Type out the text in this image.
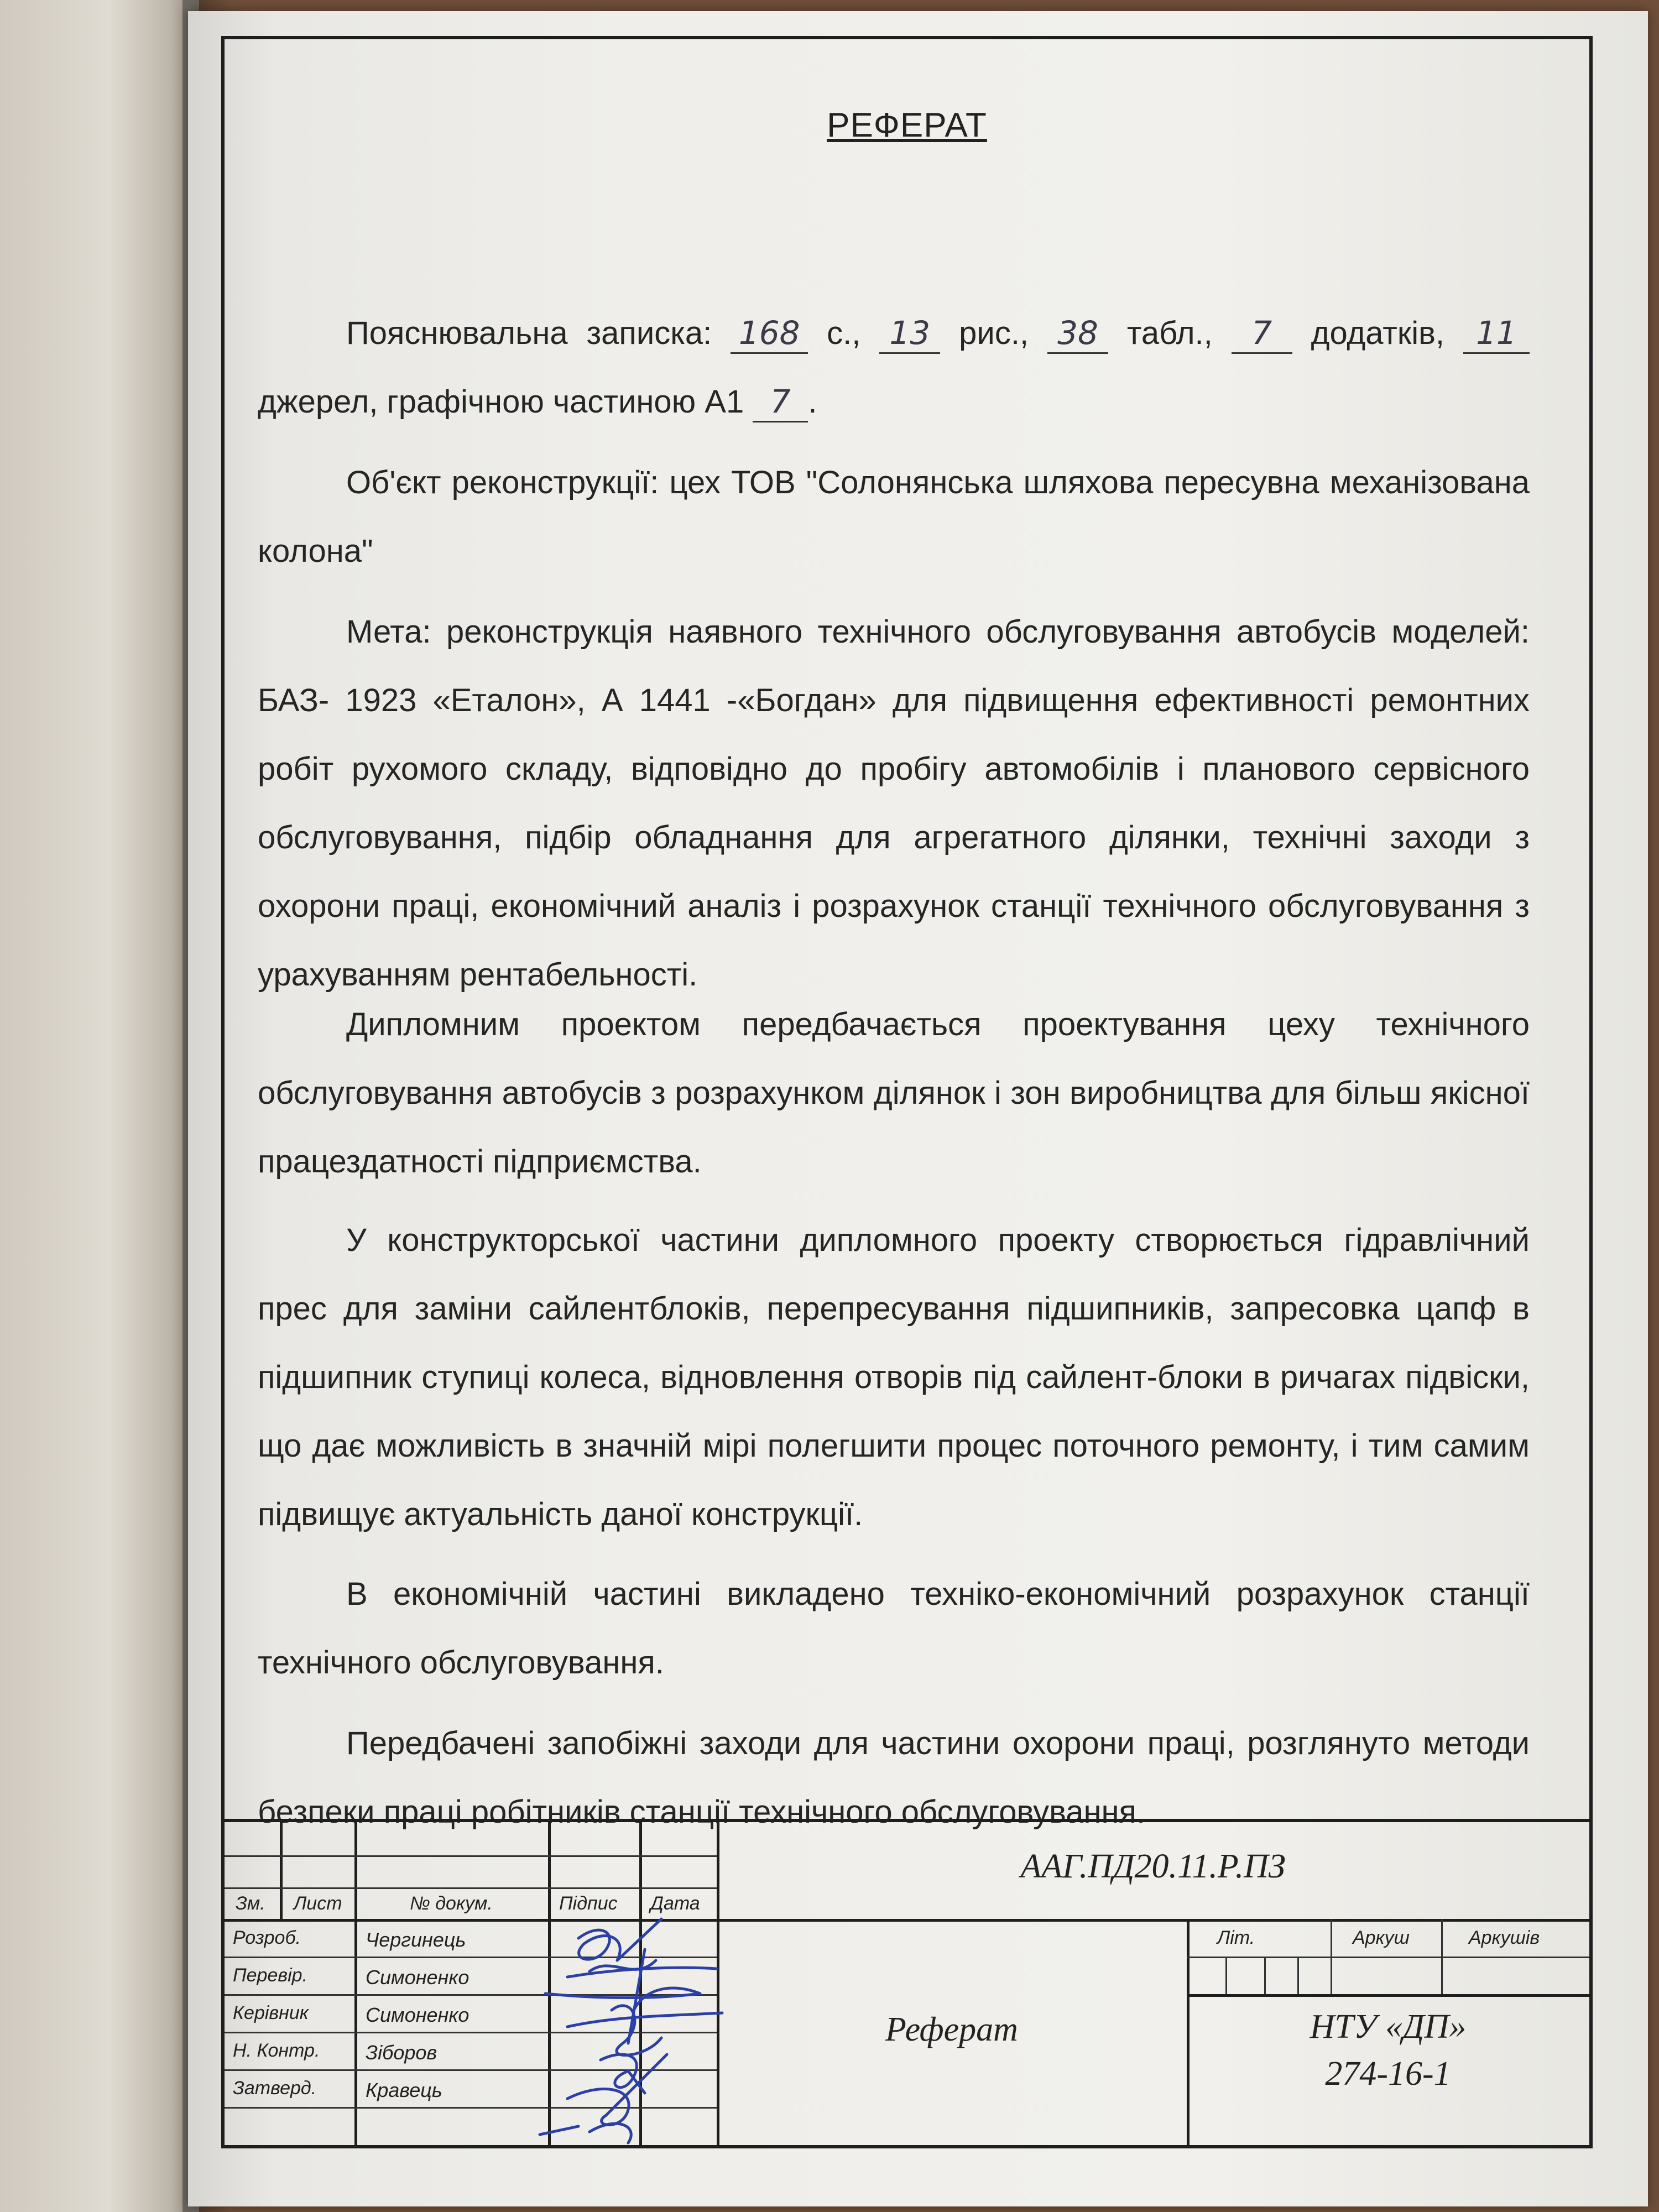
РЕФЕРАТ
Пояснювальна записка: 168 с., 13 рис., 38 табл., 7 додатків, 11 джерел, графічною частиною А1 7 .
Об'єкт реконструкції: цех ТОВ "Солонянська шляхова пересувна механізована колона"
Мета: реконструкція наявного технічного обслуговування автобусів моделей: БАЗ- 1923 «Еталон», А 1441 -«Богдан» для підвищення ефективності ремонтних робіт рухомого складу, відповідно до пробігу автомобілів і планового сервісного обслуговування, підбір обладнання для агрегатного ділянки, технічні заходи з охорони праці, економічний аналіз і розрахунок станції технічного обслуговування з урахуванням рентабельності.
Дипломним проектом передбачається проектування цеху технічного обслуговування автобусів з розрахунком ділянок і зон виробництва для більш якісної працездатності підприємства.
У конструкторської частини дипломного проекту створюється гідравлічний прес для заміни сайлентблоків, перепресування підшипників, запресовка цапф в підшипник ступиці колеса, відновлення отворів під сайлент-блоки в ричагах підвіски, що дає можливість в значній мірі полегшити процес поточного ремонту, і тим самим підвищує актуальність даної конструкції.
В економічній частині викладено техніко-економічний розрахунок станції технічного обслуговування.
Передбачені запобіжні заходи для частини охорони праці, розглянуто методи безпеки праці робітників станції технічного обслуговування.
Зм. Лист	№ докум.	Підпис Дата
Розроб.	Чергинець
Перевір.	Симоненко
Керівник	Симоненко
Н. Контр. Зіборов
Затверд. Кравець
ААГ.ПД20.11.Р.ПЗ
Реферат
Літ.	Аркуш	Аркушів
НТУ «ДП»
274-16-1
